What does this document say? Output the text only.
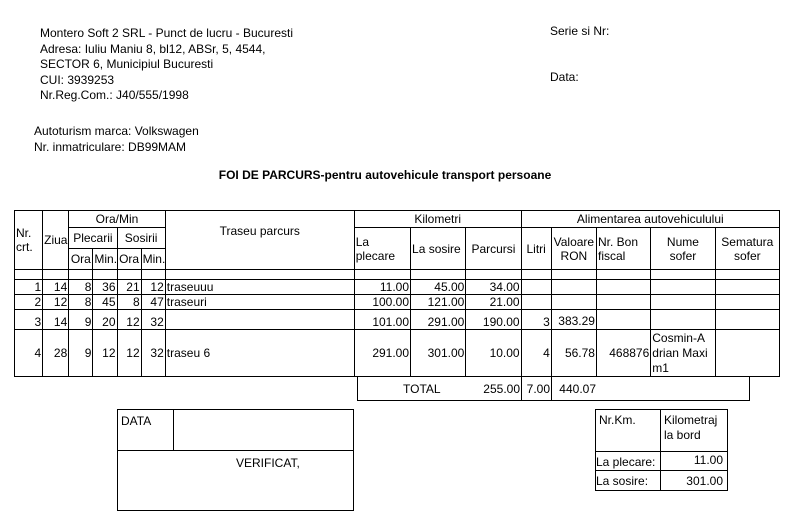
Montero Soft 2 SRL - Punct de lucru - Bucuresti
Adresa: Iuliu Maniu 8, bl12, ABSr, 5, 4544,
SECTOR 6, Municipiul Bucuresti
CUI: 3939253
Nr.Reg.Com.: J40/555/1998
Serie si Nr:
Data:
Autoturism marca: Volkswagen
Nr. inmatriculare: DB99MAM
FOI DE PARCURS-pentru autovehicule transport persoane
Nr. crt.	Ziua	Ora/Min				Traseu parcurs	Kilometri			Alimentarea autovehiculului				
		Plecarii		Sosirii			La plecare	La sosire	Parcursi	Litri	Valoare RON	Nr. Bon fiscal	Nume sofer	Sematura sofer
		Ora	Min.	Ora	Min.									

1	14	8	36	21	12	traseuuu	11.00	45.00	34.00					
2	12	8	45	8	47	traseuri	100.00	121.00	21.00					
3	14	9	20	12	32		101.00	291.00	190.00	3	383.29			
4	28	9	12	12	32	traseu 6	291.00	301.00	10.00	4	56.78	468876	Cosmin-A drian Maxim1	
TOTAL	255.00 7.00 440.07
DATA
VERIFICAT,
Nr.Km. Kilometraj la bord
La plecare:	11.00
La sosire:	301.00
